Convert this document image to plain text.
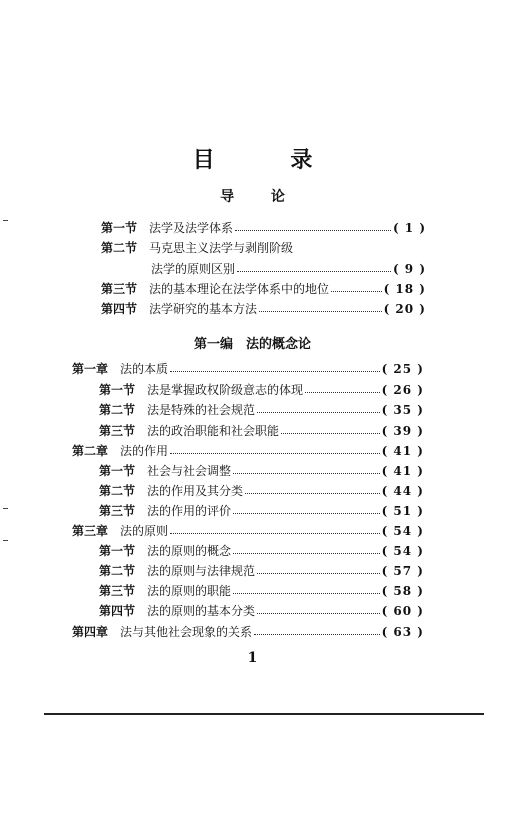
目 录
导 论
第一节 法学及法学体系	( 1 )
第二节 马克思主义法学与剥削阶级
法学的原则区别	( 9 )
第三节 法的基本理论在法学体系中的地位	( 18 )
第四节 法学研究的基本方法	( 20 )
第一编　法的概念论
第一章 法的本质	( 25 )
第一节 法是掌握政权阶级意志的体现	( 26 )
第二节 法是特殊的社会规范	( 35 )
第三节 法的政治职能和社会职能	( 39 )
第二章 法的作用	( 41 )
第一节 社会与社会调整	( 41 )
第二节 法的作用及其分类	( 44 )
第三节 法的作用的评价	( 51 )
第三章 法的原则	( 54 )
第一节 法的原则的概念	( 54 )
第二节 法的原则与法律规范	( 57 )
第三节 法的原则的职能	( 58 )
第四节 法的原则的基本分类	( 60 )
第四章 法与其他社会现象的关系	( 63 )
1
